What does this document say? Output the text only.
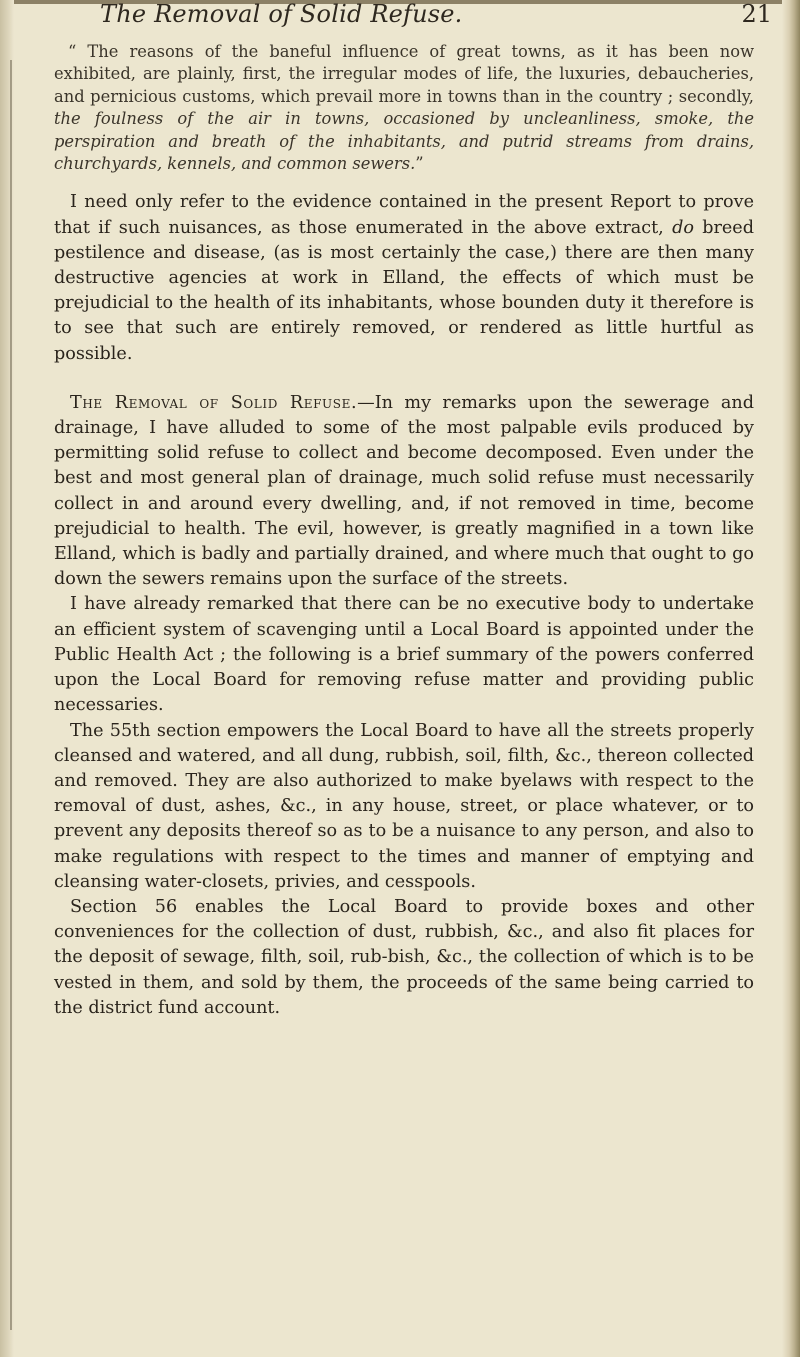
The Removal of Solid Refuse.	21

“ The reasons of the baneful influence of great towns, as it has been now exhibited, are plainly, first, the irregular modes of life, the luxuries, debaucheries, and pernicious customs, which prevail more in towns than in the country ; secondly, the foulness of the air in towns, occasioned by uncleanliness, smoke, the perspiration and breath of the inhabitants, and putrid streams from drains, churchyards, kennels, and common sewers.”

I need only refer to the evidence contained in the present Report to prove that if such nuisances, as those enumerated in the above extract, do breed pestilence and disease, (as is most certainly the case,) there are then many destructive agencies at work in Elland, the effects of which must be prejudicial to the health of its inhabitants, whose bounden duty it therefore is to see that such are entirely removed, or rendered as little hurtful as possible.

The Removal of Solid Refuse.—In my remarks upon the sewerage and drainage, I have alluded to some of the most palpable evils produced by permitting solid refuse to collect and become decomposed. Even under the best and most general plan of drainage, much solid refuse must necessarily collect in and around every dwelling, and, if not removed in time, become prejudicial to health. The evil, however, is greatly magnified in a town like Elland, which is badly and partially drained, and where much that ought to go down the sewers remains upon the surface of the streets.

I have already remarked that there can be no executive body to undertake an efficient system of scavenging until a Local Board is appointed under the Public Health Act ; the following is a brief summary of the powers conferred upon the Local Board for removing refuse matter and providing public necessaries.

The 55th section empowers the Local Board to have all the streets properly cleansed and watered, and all dung, rubbish, soil, filth, &c., thereon collected and removed. They are also authorized to make byelaws with respect to the removal of dust, ashes, &c., in any house, street, or place whatever, or to prevent any deposits thereof so as to be a nuisance to any person, and also to make regulations with respect to the times and manner of emptying and cleansing water-closets, privies, and cesspools.

Section 56 enables the Local Board to provide boxes and other conveniences for the collection of dust, rubbish, &c., and also fit places for the deposit of sewage, filth, soil, rub-bish, &c., the collection of which is to be vested in them, and sold by them, the proceeds of the same being carried to the district fund account.
